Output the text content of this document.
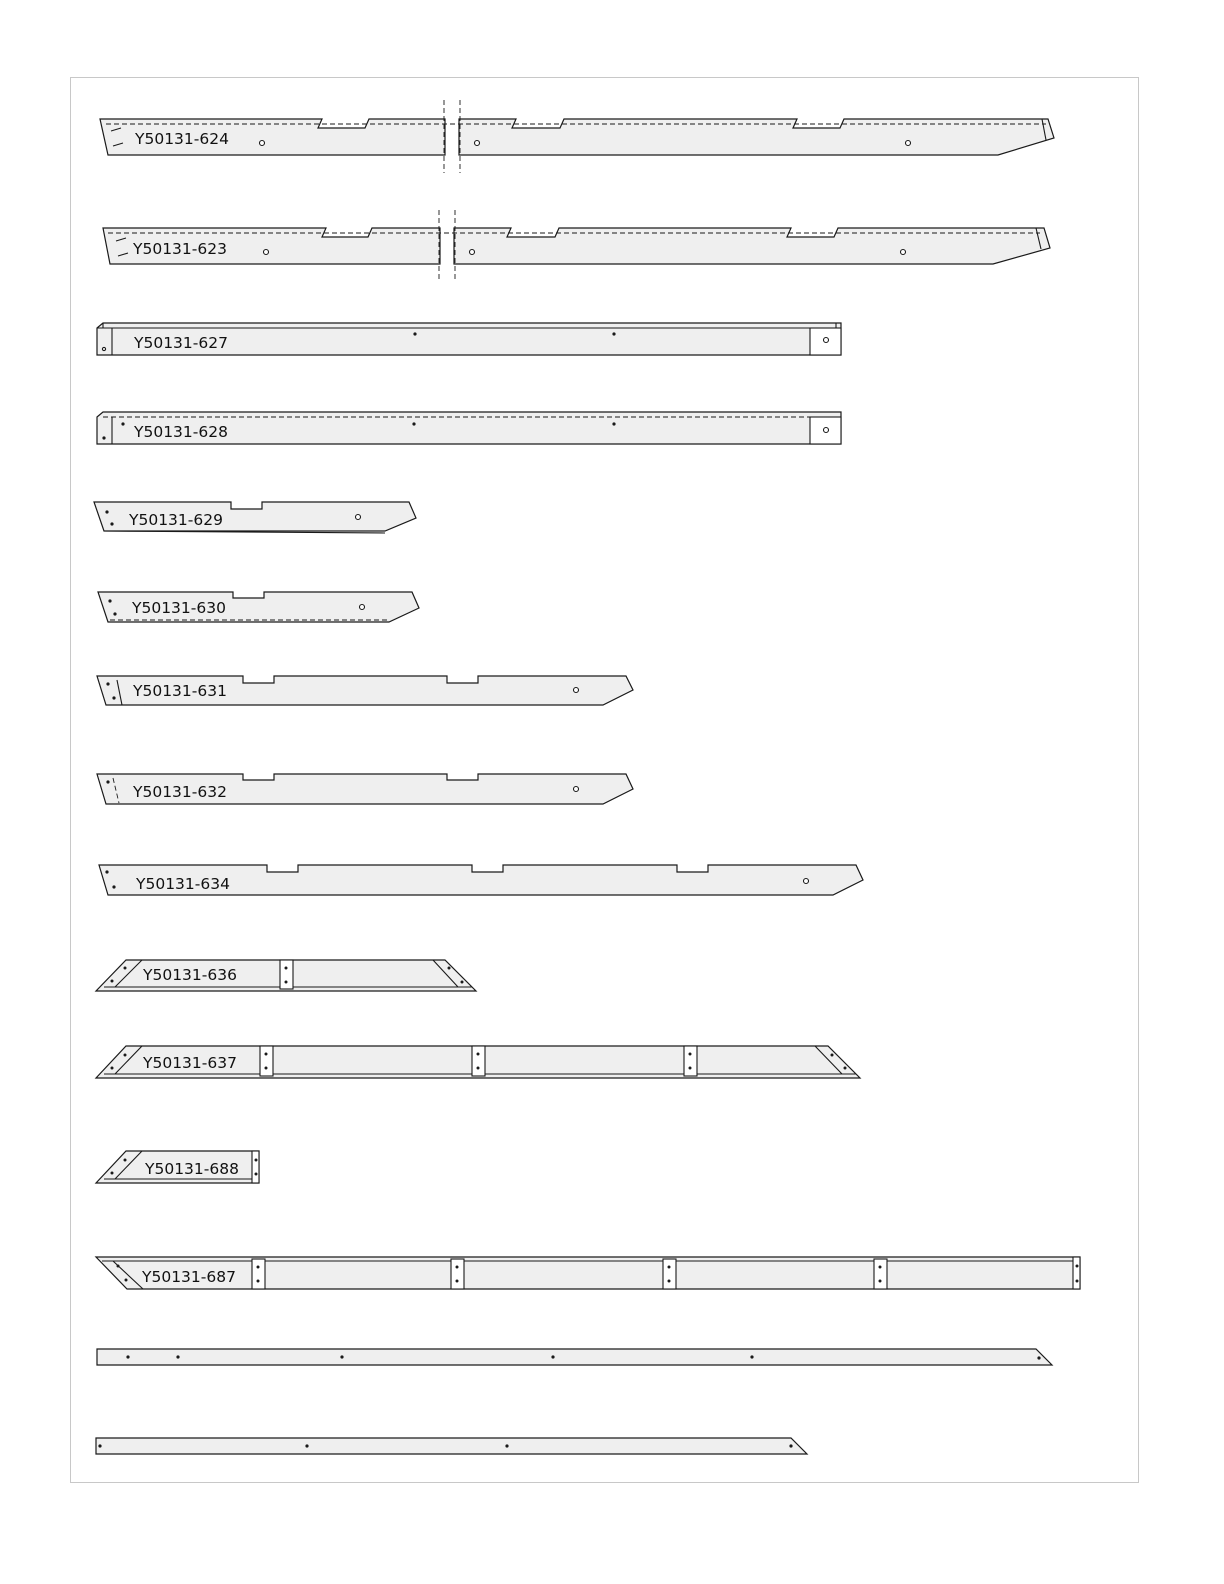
Y50131-624
Y50131-623
Y50131-627
Y50131-628
Y50131-629
Y50131-630
Y50131-631
Y50131-632
Y50131-634
Y50131-636
Y50131-637
Y50131-688
Y50131-687
